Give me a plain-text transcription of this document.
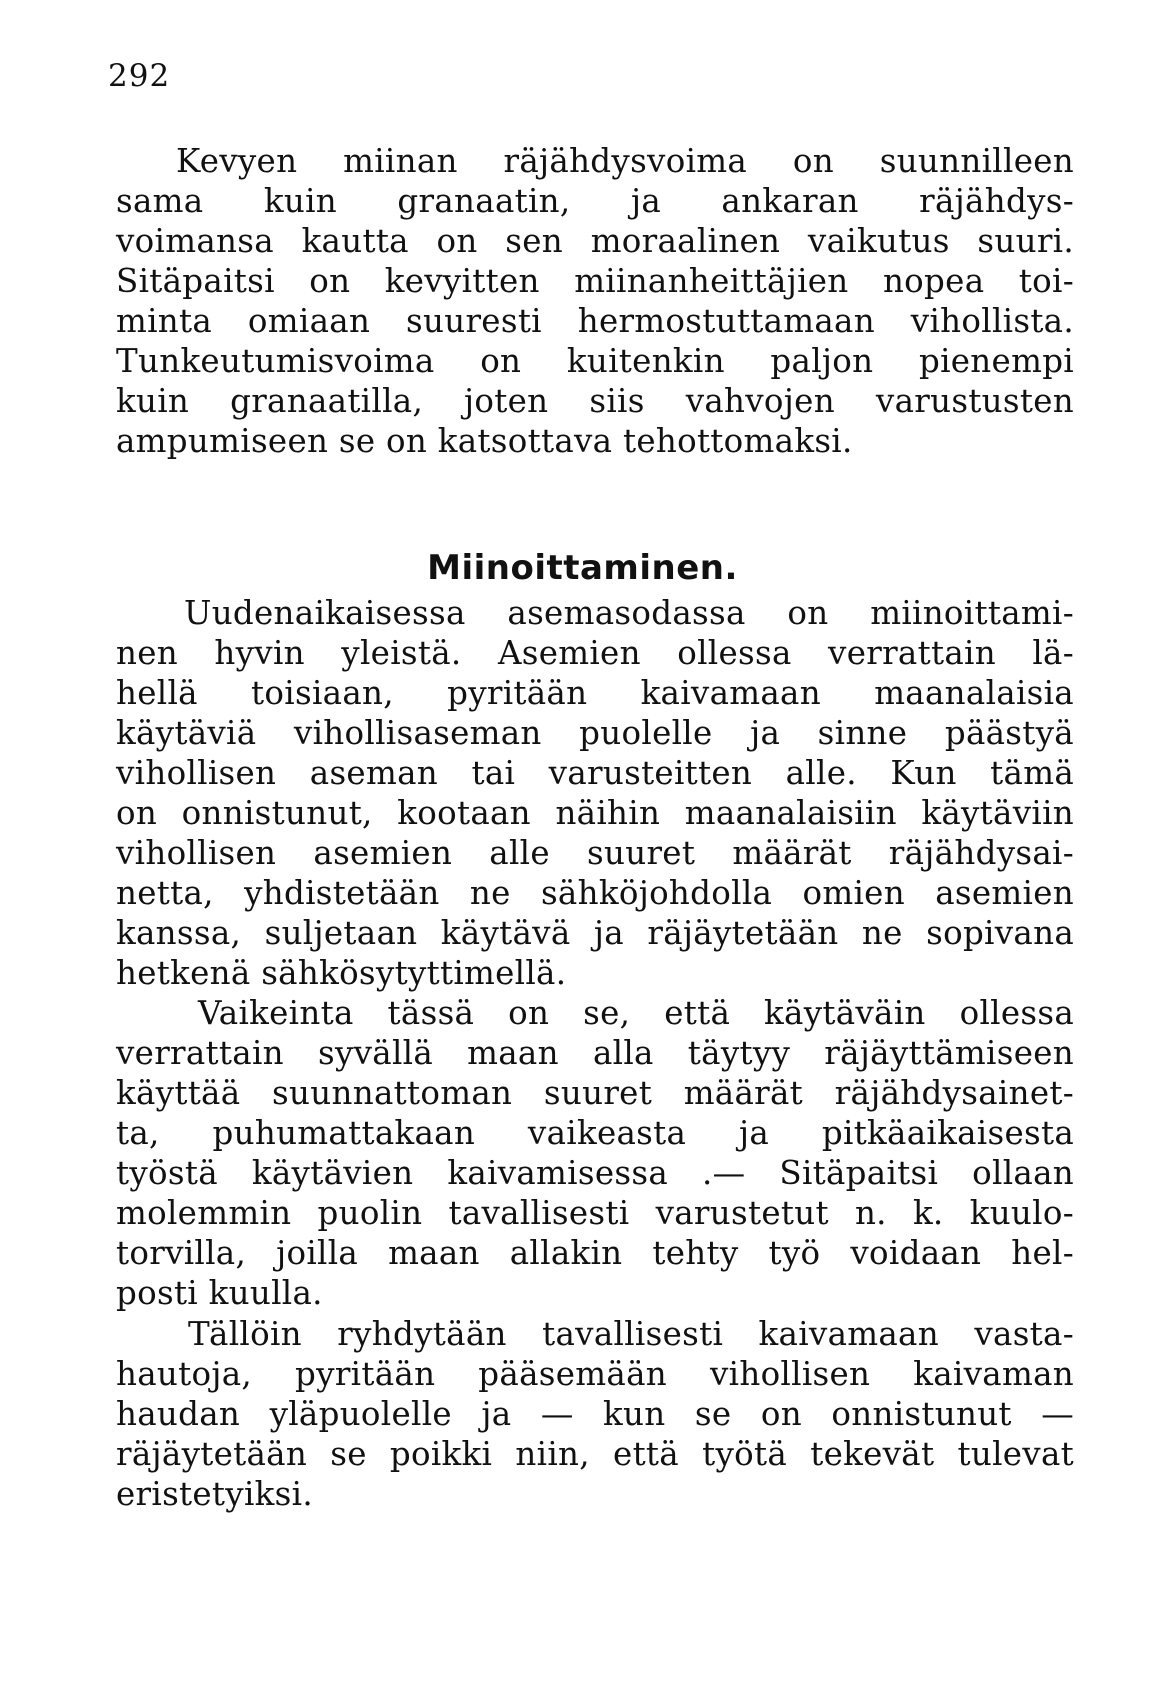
292
Kevyen miinan räjähdysvoima on suunnilleen
sama kuin granaatin, ja ankaran räjähdys-
voimansa kautta on sen moraalinen vaikutus suuri.
Sitäpaitsi on kevyitten miinanheittäjien nopea toi-
minta omiaan suuresti hermostuttamaan vihollista.
Tunkeutumisvoima on kuitenkin paljon pienempi
kuin granaatilla, joten siis vahvojen varustusten
ampumiseen se on katsottava tehottomaksi.
Miinoittaminen.
Uudenaikaisessa asemasodassa on miinoittami-
nen hyvin yleistä. Asemien ollessa verrattain lä-
hellä toisiaan, pyritään kaivamaan maanalaisia
käytäviä vihollisaseman puolelle ja sinne päästyä
vihollisen aseman tai varusteitten alle. Kun tämä
on onnistunut, kootaan näihin maanalaisiin käytäviin
vihollisen asemien alle suuret määrät räjähdysai-
netta, yhdistetään ne sähköjohdolla omien asemien
kanssa, suljetaan käytävä ja räjäytetään ne sopivana
hetkenä sähkösytyttimellä.
Vaikeinta tässä on se, että käytäväin ollessa
verrattain syvällä maan alla täytyy räjäyttämiseen
käyttää suunnattoman suuret määrät räjähdysainet-
ta, puhumattakaan vaikeasta ja pitkäaikaisesta
työstä käytävien kaivamisessa .— Sitäpaitsi ollaan
molemmin puolin tavallisesti varustetut n. k. kuulo-
torvilla, joilla maan allakin tehty työ voidaan hel-
posti kuulla.
Tällöin ryhdytään tavallisesti kaivamaan vasta-
hautoja, pyritään pääsemään vihollisen kaivaman
haudan yläpuolelle ja — kun se on onnistunut —
räjäytetään se poikki niin, että työtä tekevät tulevat
eristetyiksi.
